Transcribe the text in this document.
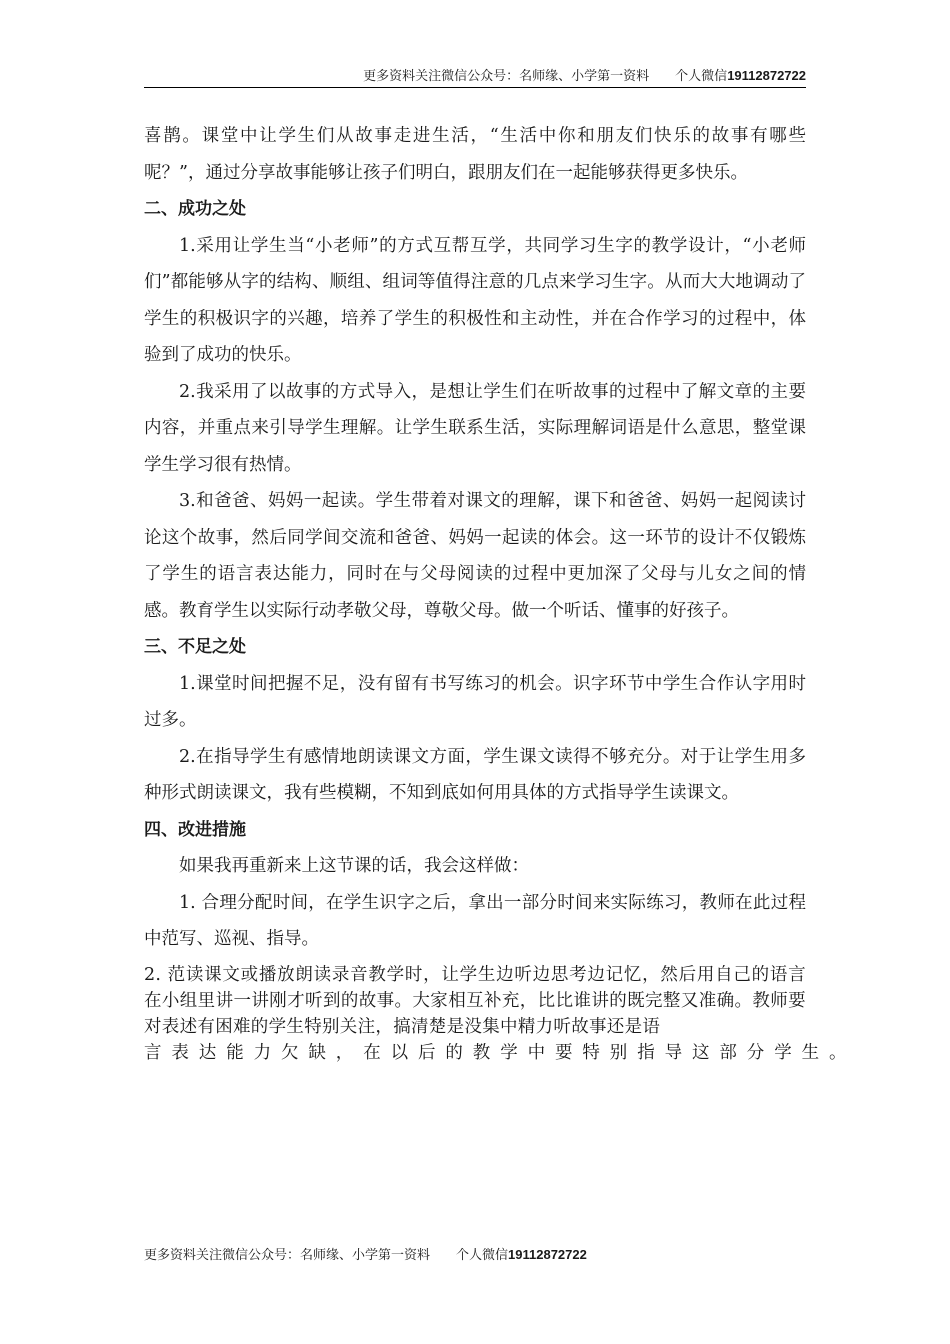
更多资料关注微信公众号：名师缘、小学第一资料 个人微信19112872722

喜鹊。课堂中让学生们从故事走进生活，“生活中你和朋友们快乐的故事有哪些呢？”，通过分享故事能够让孩子们明白，跟朋友们在一起能够获得更多快乐。

二、成功之处

1.采用让学生当“小老师”的方式互帮互学，共同学习生字的教学设计，“小老师们”都能够从字的结构、顺组、组词等值得注意的几点来学习生字。从而大大地调动了学生的积极识字的兴趣，培养了学生的积极性和主动性，并在合作学习的过程中，体验到了成功的快乐。

2.我采用了以故事的方式导入，是想让学生们在听故事的过程中了解文章的主要内容，并重点来引导学生理解。让学生联系生活，实际理解词语是什么意思，整堂课学生学习很有热情。

3.和爸爸、妈妈一起读。学生带着对课文的理解，课下和爸爸、妈妈一起阅读讨论这个故事，然后同学间交流和爸爸、妈妈一起读的体会。这一环节的设计不仅锻炼了学生的语言表达能力，同时在与父母阅读的过程中更加深了父母与儿女之间的情感。教育学生以实际行动孝敬父母，尊敬父母。做一个听话、懂事的好孩子。

三、不足之处

1.课堂时间把握不足，没有留有书写练习的机会。识字环节中学生合作认字用时过多。

2.在指导学生有感情地朗读课文方面，学生课文读得不够充分。对于让学生用多种形式朗读课文，我有些模糊，不知到底如何用具体的方式指导学生读课文。

四、改进措施

如果我再重新来上这节课的话，我会这样做：

1. 合理分配时间，在学生识字之后，拿出一部分时间来实际练习，教师在此过程中范写、巡视、指导。

2. 范读课文或播放朗读录音教学时，让学生边听边思考边记忆，然后用自己的语言在小组里讲一讲刚才听到的故事。大家相互补充，比比谁讲的既完整又准确。教师要对表述有困难的学生特别关注，搞清楚是没集中精力听故事还是语
言表达能力欠缺，在以后的教学中要特别指导这部分学生。

更多资料关注微信公众号：名师缘、小学第一资料 个人微信19112872722
